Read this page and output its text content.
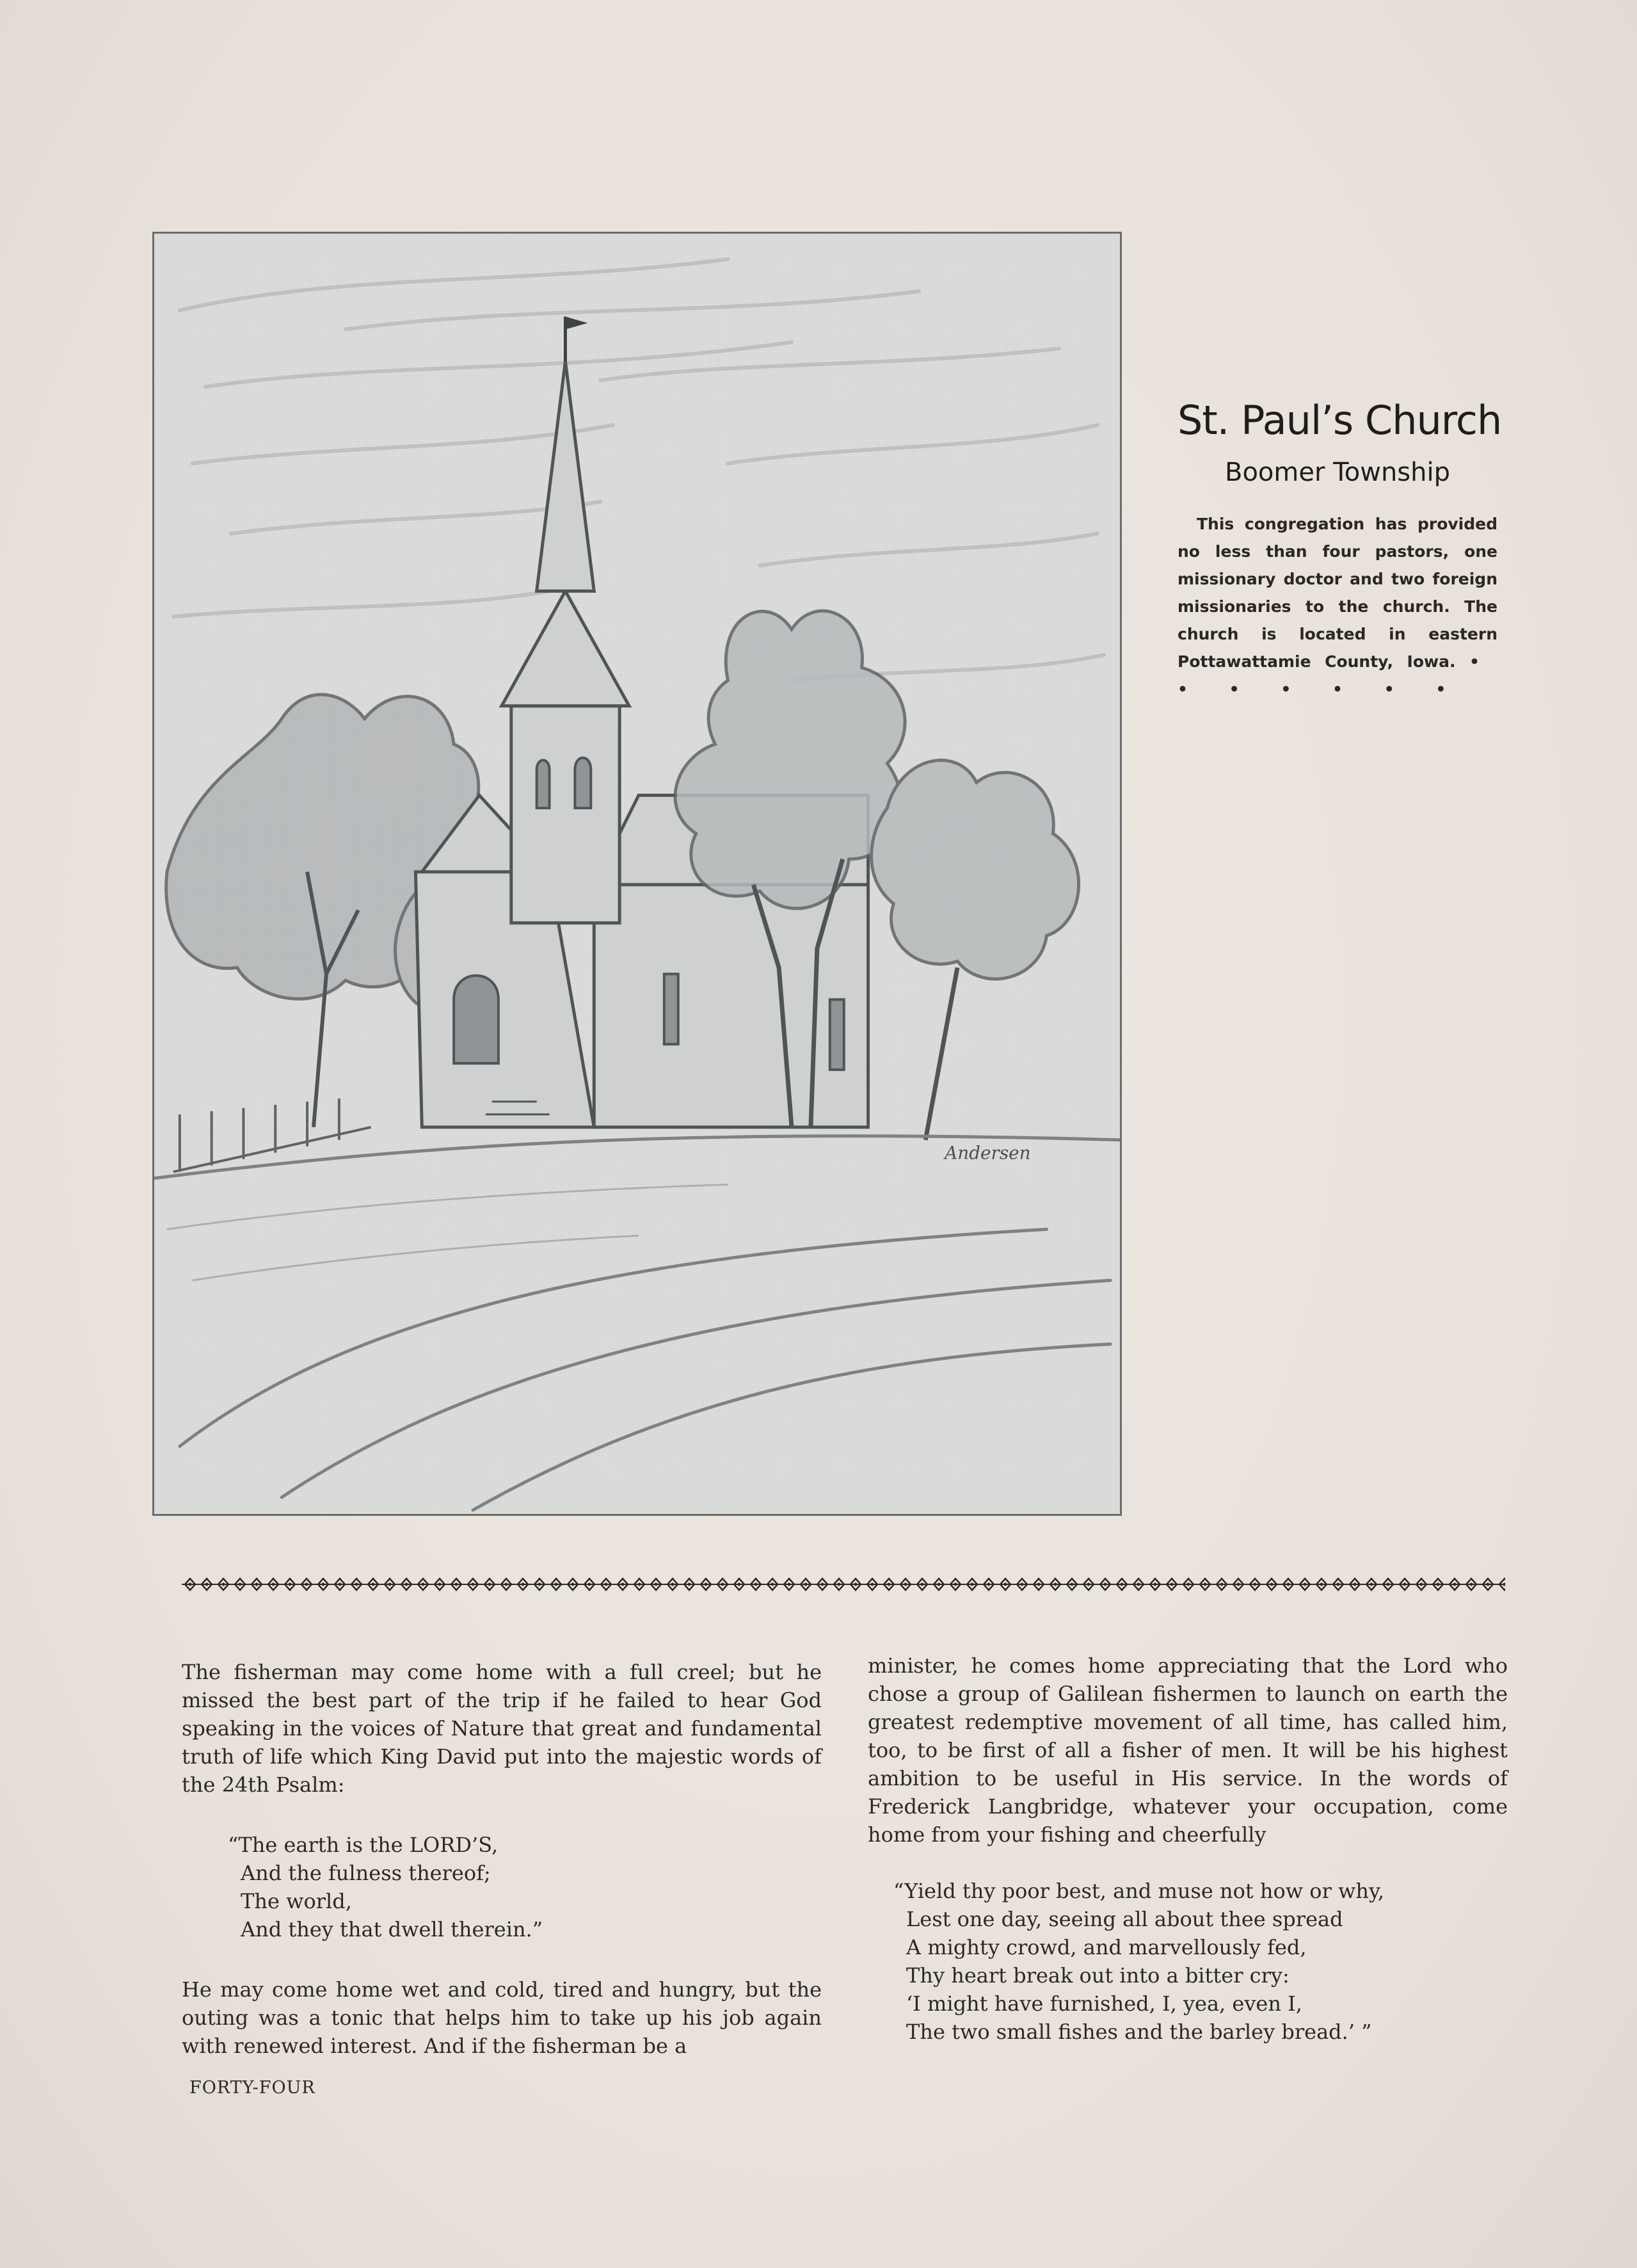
Andersen
St. Paul’s Church
Boomer Township

This congregation has provided no less than four pastors, one missionary doctor and two foreign missionaries to the church. The church is located in eastern Pottawattamie County, Iowa. • • • • • • •

The fisherman may come home with a full creel; but he missed the best part of the trip if he failed to hear God speaking in the voices of Nature that great and fundamental truth of life which King David put into the majestic words of the 24th Psalm:

“The earth is the LORD’S,
And the fulness thereof;
The world,
And they that dwell therein.”

He may come home wet and cold, tired and hungry, but the outing was a tonic that helps him to take up his job again with renewed interest. And if the fisherman be a

minister, he comes home appreciating that the Lord who chose a group of Galilean fishermen to launch on earth the greatest redemptive movement of all time, has called him, too, to be first of all a fisher of men. It will be his highest ambition to be useful in His service. In the words of Frederick Langbridge, whatever your occupation, come home from your fishing and cheerfully

“Yield thy poor best, and muse not how or why,
Lest one day, seeing all about thee spread
A mighty crowd, and marvellously fed,
Thy heart break out into a bitter cry:
‘I might have furnished, I, yea, even I,
The two small fishes and the barley bread.’ ”
FORTY-FOUR
